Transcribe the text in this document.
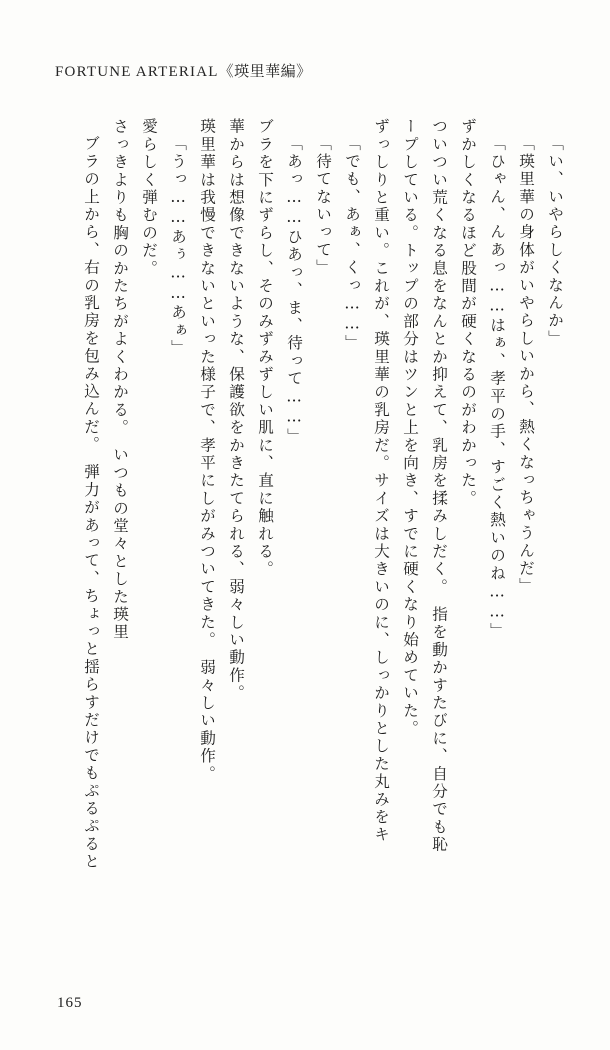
FORTUNE ARTERIAL《瑛里華編》
ブラの上から、右の乳房を包み込んだ。　弾力があって、ちょっと揺らすだけでもぷるぷると さっきよりも胸のかたちがよくわかる。　いつもの堂々とした瑛里 愛らしく弾むのだ。 「うっ……あぅ……あぁ」 瑛里華は我慢できないといった様子で、孝平にしがみついてきた。　弱々しい動作。 華からは想像できないような、保護欲をかきたてられる、弱々しい動作。 ブラを下にずらし、そのみずみずしい肌に、直に触れる。 「あっ……ひあっ、ま、待って……」 「待てないって」 「でも、あぁ、くっ……」 ずっしりと重い。これが、瑛里華の乳房だ。サイズは大きいのに、しっかりとした丸みをキ ープしている。トップの部分はツンと上を向き、すでに硬くなり始めていた。 ついつい荒くなる息をなんとか抑えて、乳房を揉みしだく。　指を動かすたびに、自分でも恥 ずかしくなるほど股間が硬くなるのがわかった。 「ひゃん、んあっ……はぁ、孝平の手、すごく熱いのね……」 「瑛里華の身体がいやらしいから、熱くなっちゃうんだ」 「い、いやらしくなんか」
165
